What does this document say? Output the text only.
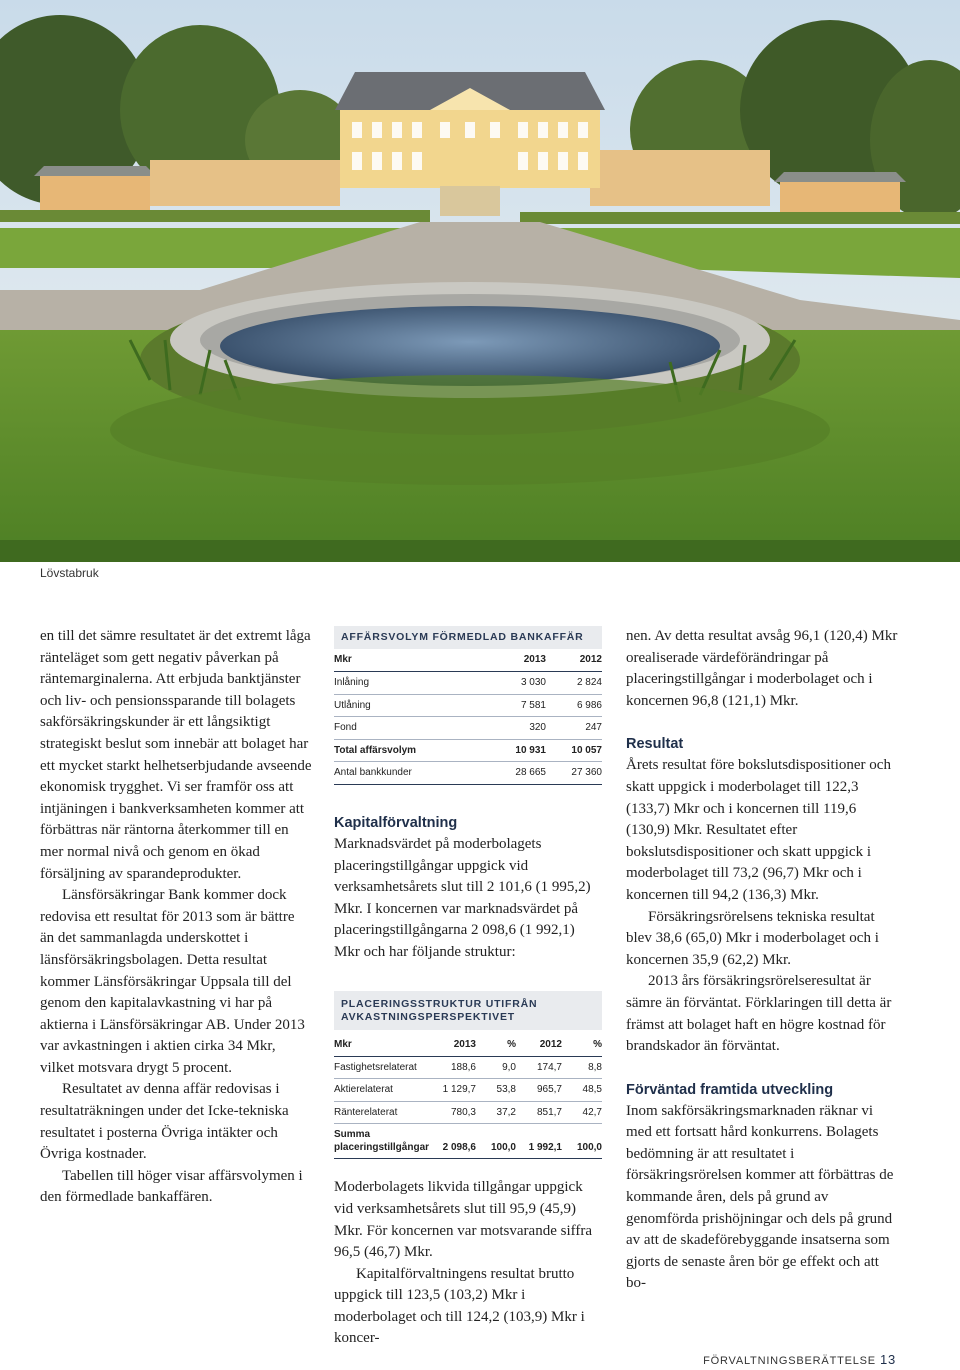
Lövstabruk

en till det sämre resultatet är det extremt låga ränteläget som gett negativ påverkan på räntemarginalerna. Att erbjuda banktjänster och liv- och pensionssparande till bolagets sakförsäkringskunder är ett långsiktigt strategiskt beslut som innebär att bolaget har ett mycket starkt helhetserbjudande avseende ekonomisk trygghet. Vi ser framför oss att intjäningen i bankverksamheten kommer att förbättras när räntorna återkommer till en mer normal nivå och genom en ökad försäljning av sparandeprodukter.

Länsförsäkringar Bank kommer dock redovisa ett resultat för 2013 som är bättre än det sammanlagda underskottet i länsförsäkringsbolagen. Detta resultat kommer Länsförsäkringar Uppsala till del genom den kapitalavkastning vi har på aktierna i Länsförsäkringar AB. Under 2013 var avkastningen i aktien cirka 34 Mkr, vilket motsvara drygt 5 procent.

Resultatet av denna affär redovisas i resultaträkningen under det Icke-tekniska resultatet i posterna Övriga intäkter och Övriga kostnader.

Tabellen till höger visar affärsvolymen i den förmedlade bankaffären.

AFFÄRSVOLYM FÖRMEDLAD BANKAFFÄR
Mkr	2013	2012
Inlåning	3 030	2 824
Utlåning	7 581	6 986
Fond	320	247
Total affärsvolym	10 931	10 057
Antal bankkunder	28 665	27 360
Kapitalförvaltning

Marknadsvärdet på moderbolagets placeringstillgångar uppgick vid verksamhetsårets slut till 2 101,6 (1 995,2) Mkr. I koncernen var marknadsvärdet på placeringstillgångarna 2 098,6 (1 992,1) Mkr och har följande struktur:

PLACERINGSSTRUKTUR UTIFRÅN
AVKASTNINGSPERSPEKTIVET
Mkr	2013	%	2012	%
Fastighetsrelaterat	188,6	9,0	174,7	8,8
Aktierelaterat	1 129,7	53,8	965,7	48,5
Ränterelaterat	780,3	37,2	851,7	42,7

Summa
placeringstillgångar	2 098,6	100,0	1 992,1	100,0

Moderbolagets likvida tillgångar uppgick vid verksamhetsårets slut till 95,9 (45,9) Mkr. För koncernen var motsvarande siffra 96,5 (46,7) Mkr.

Kapitalförvaltningens resultat brutto uppgick till 123,5 (103,2) Mkr i moderbolaget och till 124,2 (103,9) Mkr i koncer-

nen. Av detta resultat avsåg 96,1 (120,4) Mkr orealiserade värdeförändringar på placeringstillgångar i moderbolaget och i koncernen 96,8 (121,1) Mkr.

Resultat

Årets resultat före bokslutsdispositioner och skatt uppgick i moderbolaget till 122,3 (133,7) Mkr och i koncernen till 119,6 (130,9) Mkr. Resultatet efter bokslutsdispositioner och skatt uppgick i moderbolaget till 73,2 (96,7) Mkr och i koncernen till 94,2 (136,3) Mkr.

Försäkringsrörelsens tekniska resultat blev 38,6 (65,0) Mkr i moderbolaget och i koncernen 35,9 (62,2) Mkr.

2013 års försäkringsrörelseresultat är sämre än förväntat. Förklaringen till detta är främst att bolaget haft en högre kostnad för brandskador än förväntat.

Förväntad framtida utveckling

Inom sakförsäkringsmarknaden räknar vi med ett fortsatt hård konkurrens. Bolagets bedömning är att resultatet i försäkringsrörelsen kommer att förbättras de kommande åren, dels på grund av genomförda prishöjningar och dels på grund av att de skadeförebyggande insatserna som gjorts de senaste åren bör ge effekt och att bo-

FÖRVALTNINGSBERÄTTELSE 13
